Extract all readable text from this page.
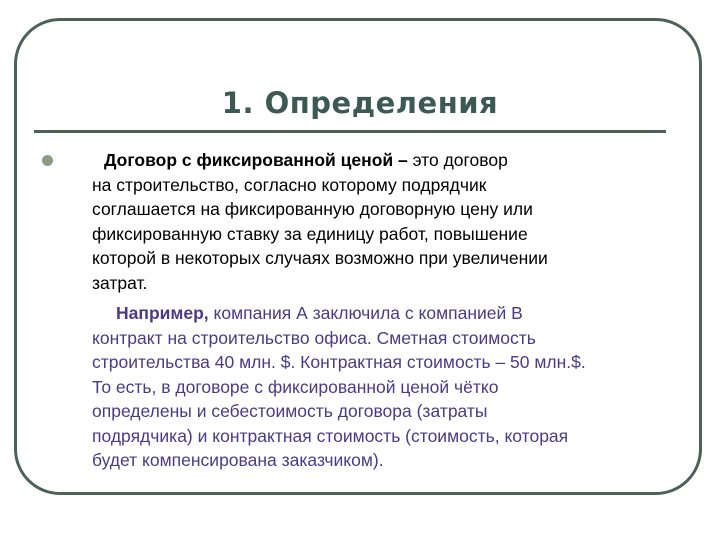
1. Определения
Договор с фиксированной ценой – это договор
на строительство, согласно которому подрядчик
соглашается на фиксированную договорную цену или
фиксированную ставку за единицу работ, повышение
которой в некоторых случаях возможно при увеличении
затрат.
Например, компания А заключила с компанией В
контракт на строительство офиса. Сметная стоимость
строительства 40 млн. $. Контрактная стоимость – 50 млн.$.
То есть, в договоре с фиксированной ценой чётко
определены и себестоимость договора (затраты
подрядчика) и контрактная стоимость (стоимость, которая
будет компенсирована заказчиком).
